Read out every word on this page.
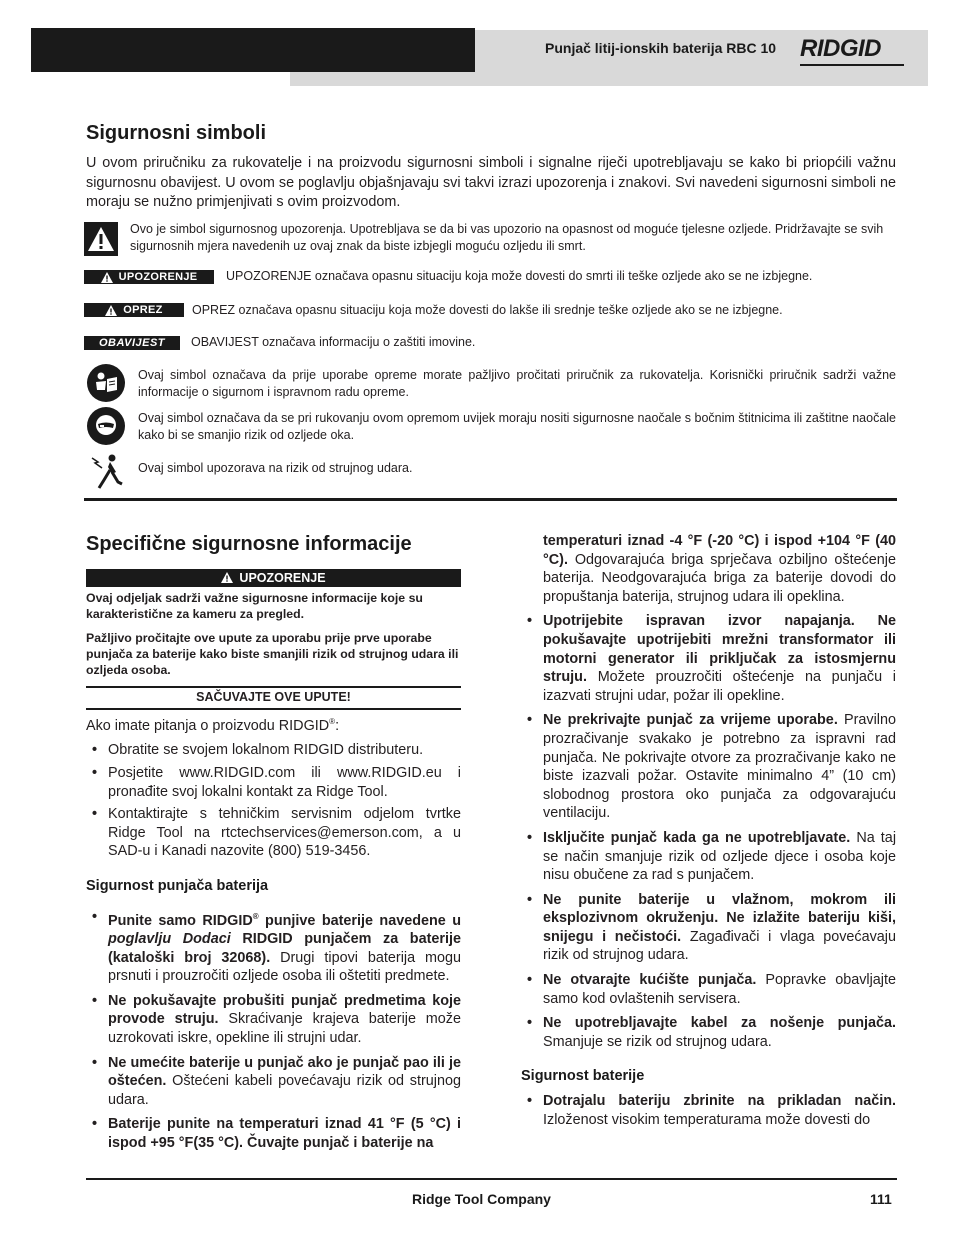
Punjač litij-ionskih baterija RBC 10 RIDGID
Sigurnosni simboli
U ovom priručniku za rukovatelje i na proizvodu sigurnosni simboli i signalne riječi upotrebljavaju se kako bi priopćili važnu sigurnosnu obavijest. U ovom se poglavlju objašnjavaju svi takvi izrazi upozorenja i znakovi. Svi navedeni sigurnosni simboli ne moraju se nužno primjenjivati s ovim proizvodom.
Ovo je simbol sigurnosnog upozorenja. Upotrebljava se da bi vas upozorio na opasnost od moguće tjelesne ozljede. Pridržavajte se svih sigurnosnih mjera navedenih uz ovaj znak da biste izbjegli moguću ozljedu ili smrt.
UPOZORENJE UPOZORENJE označava opasnu situaciju koja može dovesti do smrti ili teške ozljede ako se ne izbjegne.
OPREZ OPREZ označava opasnu situaciju koja može dovesti do lakše ili srednje teške ozljede ako se ne izbjegne.
OBAVIJEST	OBAVIJEST označava informaciju o zaštiti imovine.
Ovaj simbol označava da prije uporabe opreme morate pažljivo pročitati priručnik za rukovatelja. Korisnički priručnik sadrži važne informacije o sigurnom i ispravnom radu opreme.
Ovaj simbol označava da se pri rukovanju ovom opremom uvijek moraju nositi sigurnosne naočale s bočnim štitnicima ili zaštitne naočale kako bi se smanjio rizik od ozljede oka.
Ovaj simbol upozorava na rizik od strujnog udara.
Specifične sigurnosne informacije
UPOZORENJE
Ovaj odjeljak sadrži važne sigurnosne informacije koje su karakteristične za kameru za pregled.
Pažljivo pročitajte ove upute za uporabu prije prve uporabe punjača za baterije kako biste smanjili rizik od strujnog udara ili ozljeda osoba.
SAČUVAJTE OVE UPUTE!

Ako imate pitanja o proizvodu RIDGID®:

• Obratite se svojem lokalnom RIDGID distributeru.
• Posjetite www.RIDGID.com ili www.RIDGID.eu i pronađite svoj lokalni kontakt za Ridge Tool.
• Kontaktirajte s tehničkim servisnim odjelom tvrtke Ridge Tool na rtctechservices@emerson.com, a u SAD-u i Kanadi nazovite (800) 519-3456.

Sigurnost punjača baterija

• Punite samo RIDGID® punjive baterije navedene u poglavlju Dodaci RIDGID punjačem za baterije (kataloški broj 32068). Drugi tipovi baterija mogu prsnuti i prouzročiti ozljede osoba ili oštetiti predmete.
• Ne pokušavajte probušiti punjač predmetima koje provode struju. Skraćivanje krajeva baterije može uzrokovati iskre, opekline ili strujni udar.
• Ne umećite baterije u punjač ako je punjač pao ili je oštećen. Oštećeni kabeli povećavaju rizik od strujnog udara.
• Baterije punite na temperaturi iznad 41 °F (5 °C) i ispod +95 °F(35 °C). Čuvajte punjač i baterije na
temperaturi iznad -4 °F (-20 °C) i ispod +104 °F (40 °C). Odgovarajuća briga sprječava ozbiljno oštećenje baterija. Neodgovarajuća briga za baterije dovodi do propuštanja baterija, strujnog udara ili opeklina.
• Upotrijebite ispravan izvor napajanja. Ne pokušavajte upotrijebiti mrežni transformator ili motorni generator ili priključak za istosmjernu struju. Možete prouzročiti oštećenje na punjaču i izazvati strujni udar, požar ili opekline.
• Ne prekrivajte punjač za vrijeme uporabe. Pravilno prozračivanje svakako je potrebno za ispravni rad punjača. Ne pokrivajte otvore za prozračivanje kako ne biste izazvali požar. Ostavite minimalno 4” (10 cm) slobodnog prostora oko punjača za odgovarajuću ventilaciju.
• Isključite punjač kada ga ne upotrebljavate. Na taj se način smanjuje rizik od ozljede djece i osoba koje nisu obučene za rad s punjačem.
• Ne punite baterije u vlažnom, mokrom ili eksplozivnom okruženju. Ne izlažite bateriju kiši, snijegu i nečistoći. Zagađivači i vlaga povećavaju rizik od strujnog udara.
• Ne otvarajte kućište punjača. Popravke obavljajte samo kod ovlaštenih servisera.
• Ne upotrebljavajte kabel za nošenje punjača. Smanjuje se rizik od strujnog udara.

Sigurnost baterije

• Dotrajalu bateriju zbrinite na prikladan način. Izloženost visokim temperaturama može dovesti do
Ridge Tool Company	111
